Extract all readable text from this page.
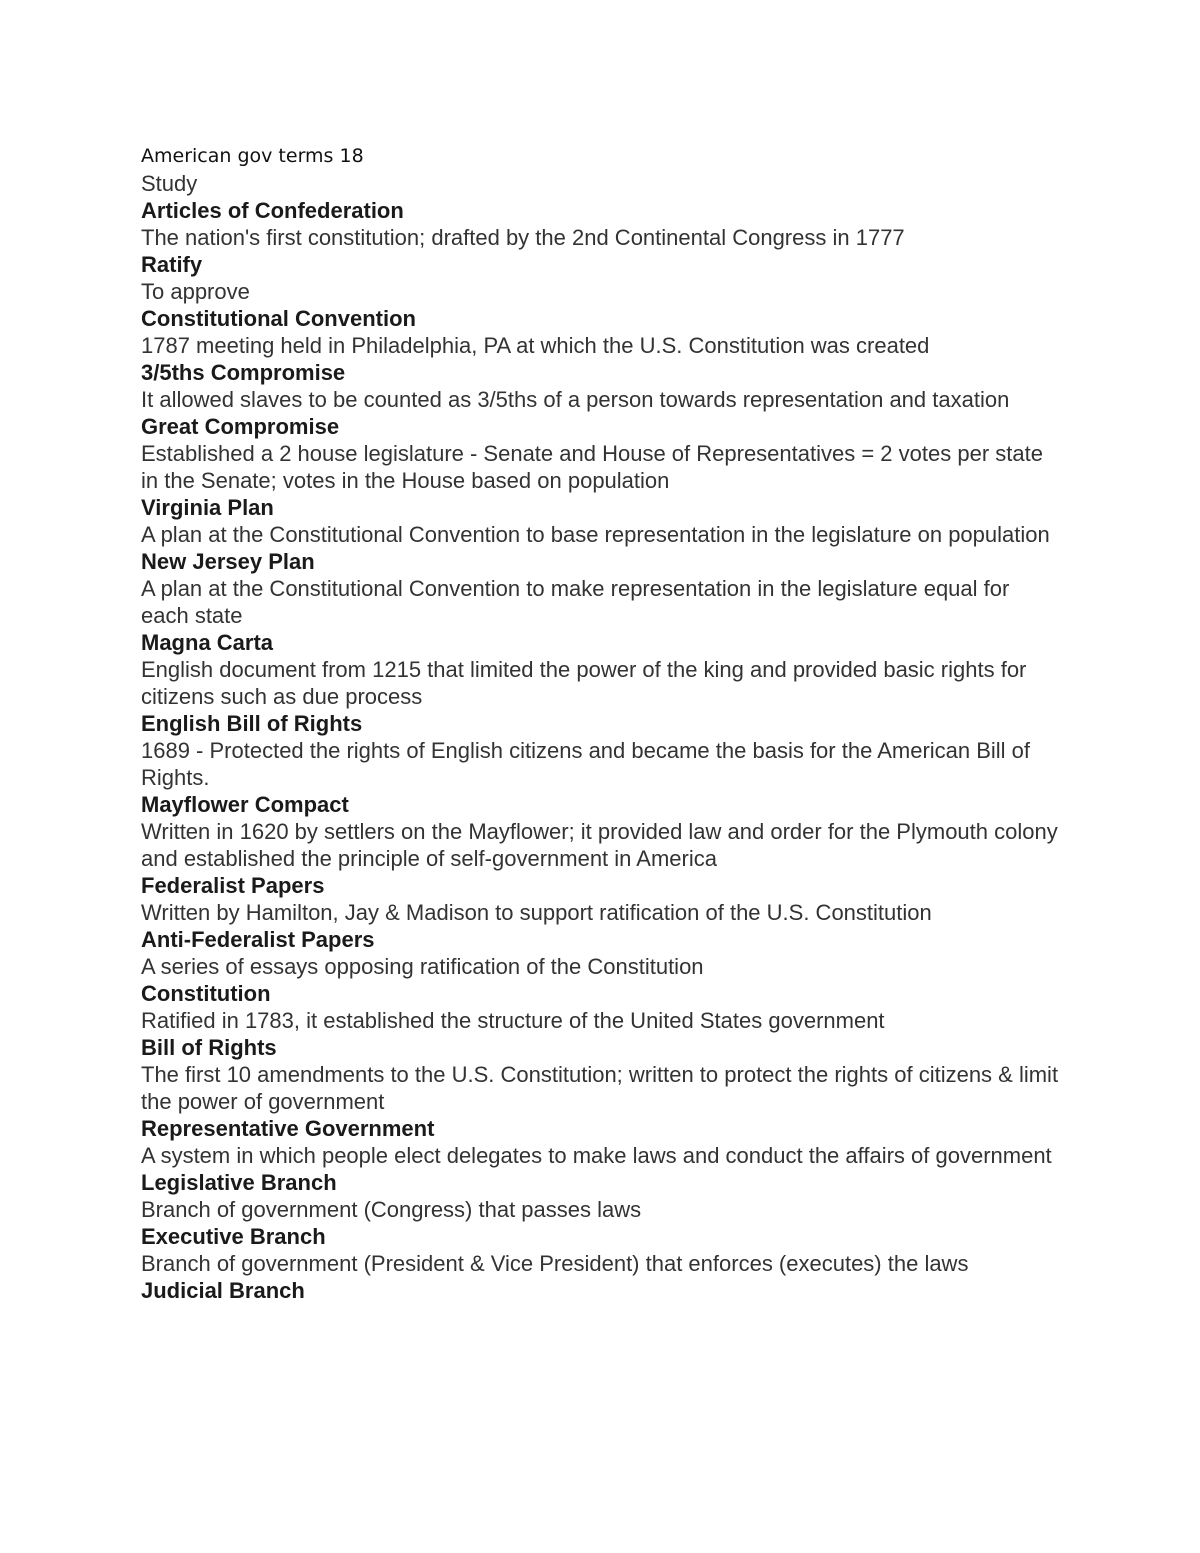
American gov terms 18

Study

Articles of Confederation

The nation's first constitution; drafted by the 2nd Continental Congress in 1777

Ratify

To approve

Constitutional Convention

1787 meeting held in Philadelphia, PA at which the U.S. Constitution was created

3/5ths Compromise

It allowed slaves to be counted as 3/5ths of a person towards representation and taxation

Great Compromise

Established a 2 house legislature - Senate and House of Representatives = 2 votes per state in the Senate; votes in the House based on population

Virginia Plan

A plan at the Constitutional Convention to base representation in the legislature on population

New Jersey Plan

A plan at the Constitutional Convention to make representation in the legislature equal for each state

Magna Carta

English document from 1215 that limited the power of the king and provided basic rights for citizens such as due process

English Bill of Rights

1689 - Protected the rights of English citizens and became the basis for the American Bill of Rights.

Mayflower Compact

Written in 1620 by settlers on the Mayflower; it provided law and order for the Plymouth colony and established the principle of self-government in America

Federalist Papers

Written by Hamilton, Jay & Madison to support ratification of the U.S. Constitution

Anti-Federalist Papers

A series of essays opposing ratification of the Constitution

Constitution

Ratified in 1783, it established the structure of the United States government

Bill of Rights

The first 10 amendments to the U.S. Constitution; written to protect the rights of citizens & limit the power of government

Representative Government

A system in which people elect delegates to make laws and conduct the affairs of government

Legislative Branch

Branch of government (Congress) that passes laws

Executive Branch

Branch of government (President & Vice President) that enforces (executes) the laws

Judicial Branch
